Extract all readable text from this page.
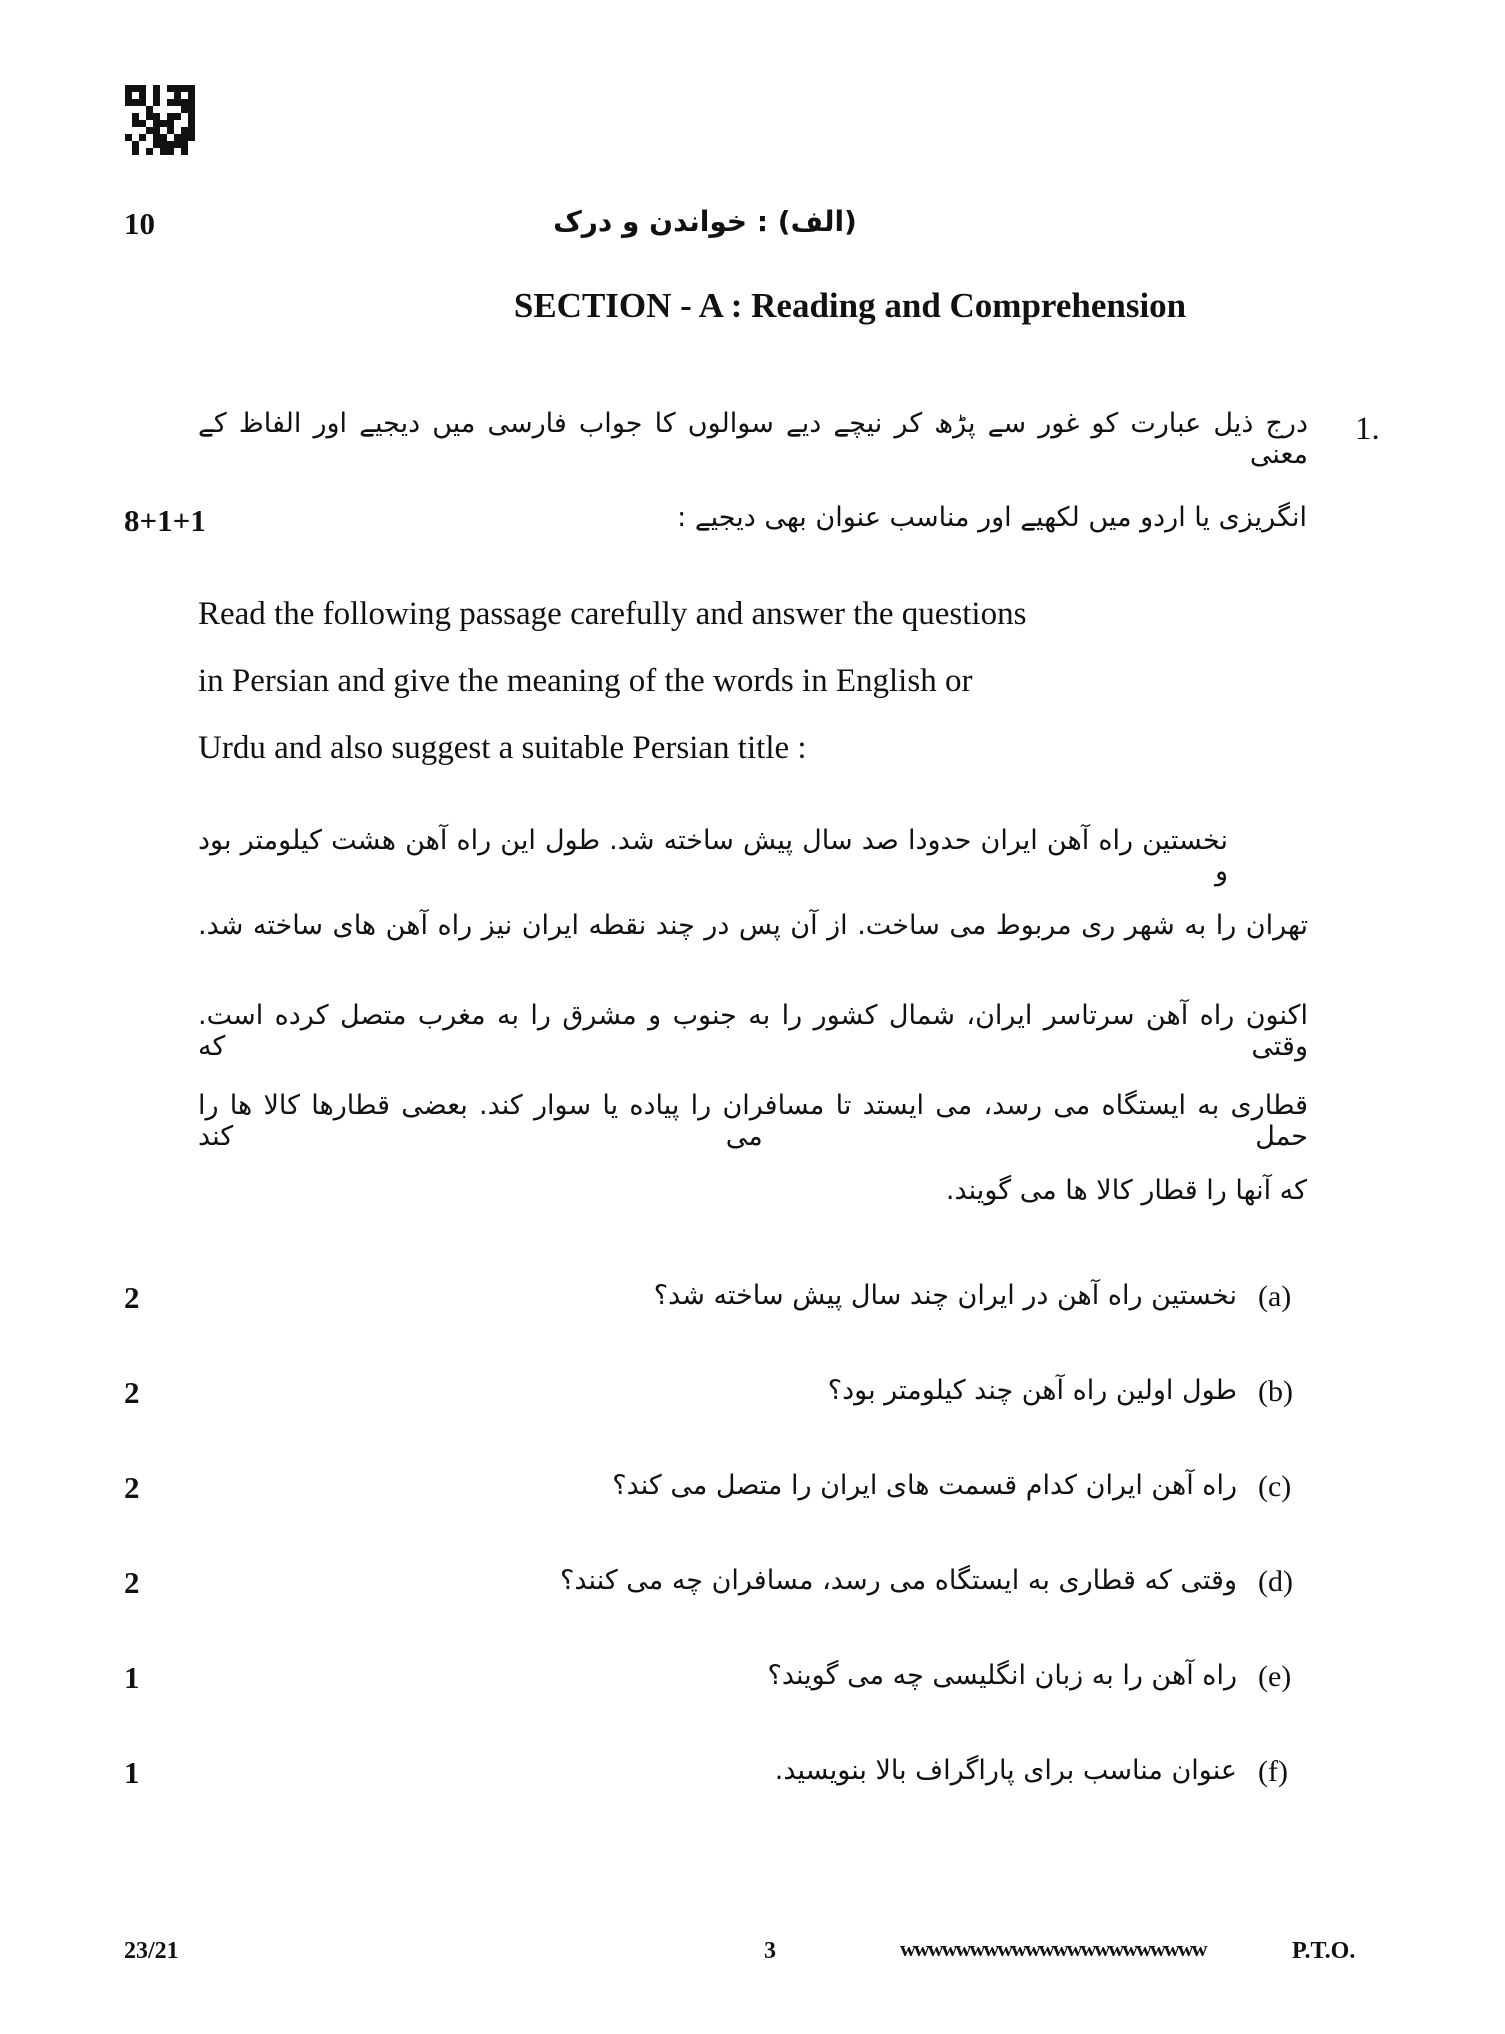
10	(الف) : خواندن و درک
SECTION - A : Reading and Comprehension
1.
درج ذیل عبارت کو غور سے پڑھ کر نیچے دیے سوالوں کا جواب فارسی میں دیجیے اور الفاظ کے معنی
انگریزی یا اردو میں لکھیے اور مناسب عنوان بھی دیجیے :
8+1+1
Read the following passage carefully and answer the questions
in Persian and give the meaning of the words in English or
Urdu and also suggest a suitable Persian title :
نخستین راه آهن ایران حدودا صد سال پیش ساخته شد. طول این راه آهن هشت کیلومتر بود و
تهران را به شهر ری مربوط می ساخت. از آن پس در چند نقطه ایران نیز راه آهن های ساخته شد.
اکنون راه آهن سرتاسر ایران، شمال کشور را به جنوب و مشرق را به مغرب متصل کرده است. وقتی که
قطاری به ایستگاه می رسد، می ایستد تا مسافران را پیاده یا سوار کند. بعضی قطارها کالا ها را حمل می کند
که آنها را قطار کالا ها می گویند.
2	(a)
نخستین راه آهن در ایران چند سال پیش ساخته شد؟
2	(b)
طول اولین راه آهن چند کیلومتر بود؟
2	(c)
راه آهن ایران کدام قسمت های ایران را متصل می کند؟
2	(d)
وقتی که قطاری به ایستگاه می رسد، مسافران چه می کنند؟
1	(e)
راه آهن را به زبان انگلیسی چه می گویند؟
1	(f)
عنوان مناسب برای پاراگراف بالا بنویسید.
23/21	3	wwwwwwwwwwwwwwwwwwwwww	P.T.O.
